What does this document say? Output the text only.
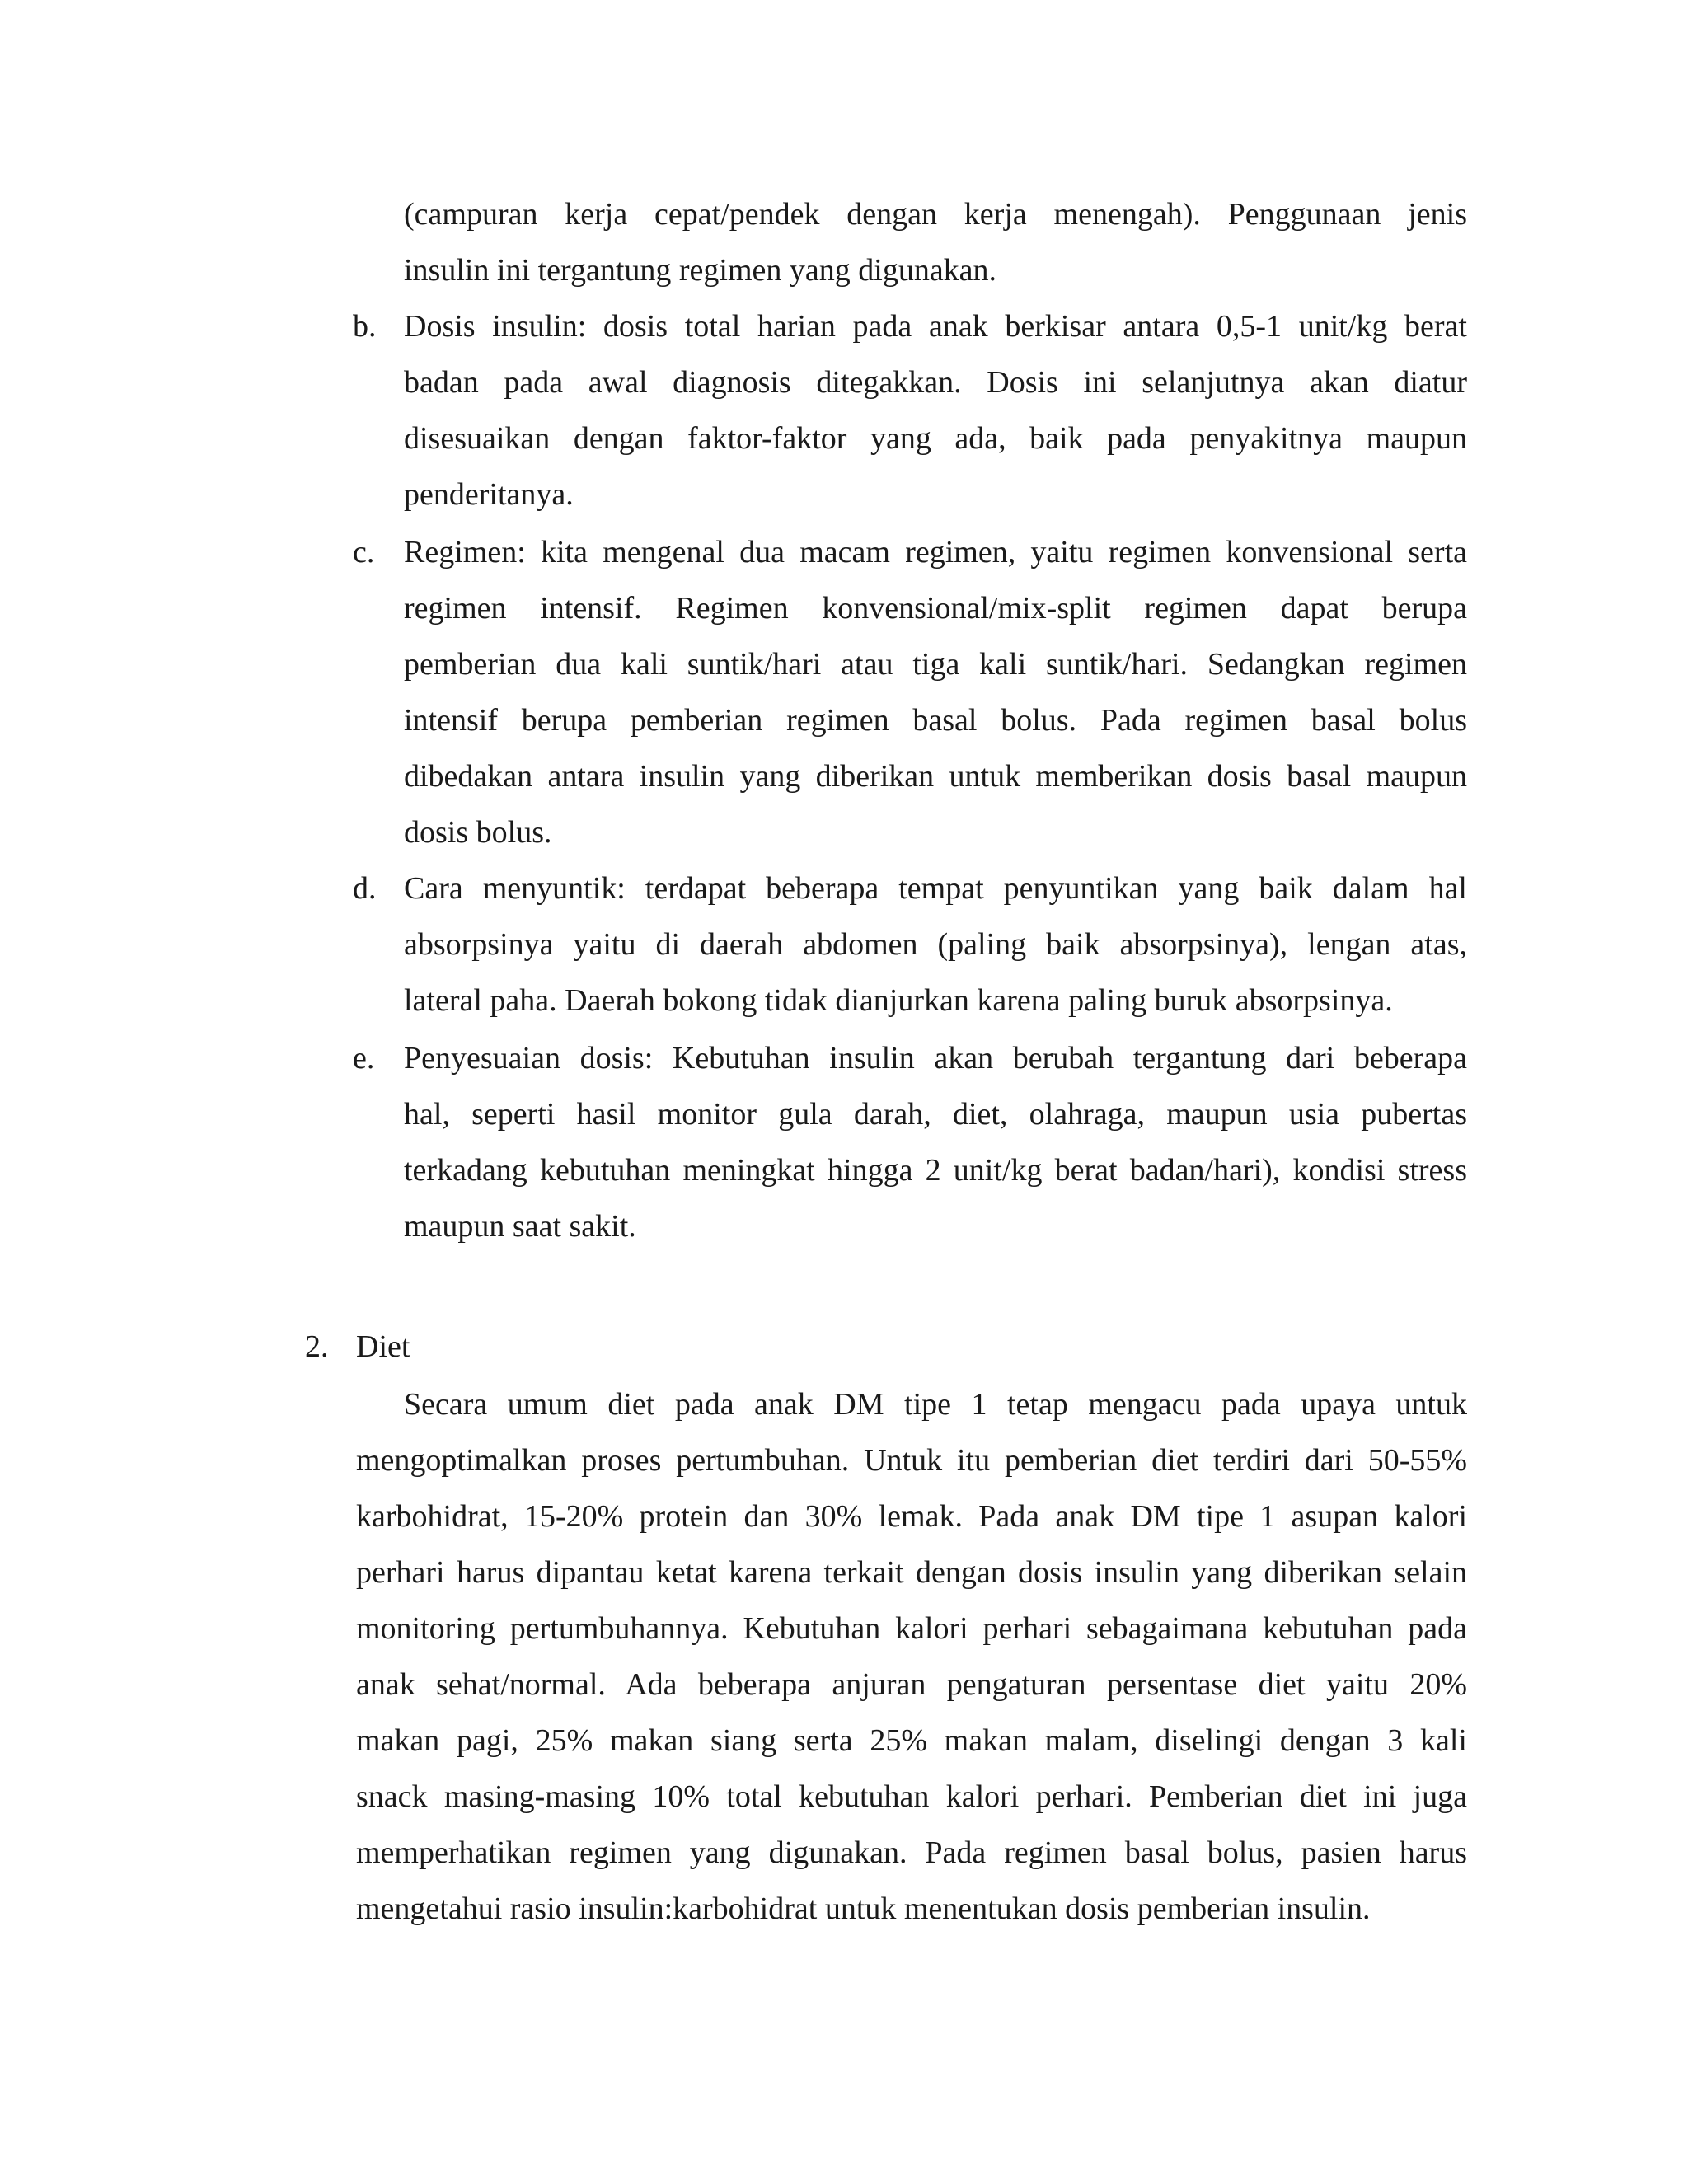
(campuran kerja cepat/pendek dengan kerja menengah). Penggunaan jenis
insulin ini tergantung regimen yang digunakan.
b. Dosis insulin: dosis total harian pada anak berkisar antara 0,5-1 unit/kg berat
badan pada awal diagnosis ditegakkan. Dosis ini selanjutnya akan diatur
disesuaikan dengan faktor-faktor yang ada, baik pada penyakitnya maupun
penderitanya.
c. Regimen: kita mengenal dua macam regimen, yaitu regimen konvensional serta
regimen intensif. Regimen konvensional/mix-split regimen dapat berupa
pemberian dua kali suntik/hari atau tiga kali suntik/hari. Sedangkan regimen
intensif berupa pemberian regimen basal bolus. Pada regimen basal bolus
dibedakan antara insulin yang diberikan untuk memberikan dosis basal maupun
dosis bolus.
d. Cara menyuntik: terdapat beberapa tempat penyuntikan yang baik dalam hal
absorpsinya yaitu di daerah abdomen (paling baik absorpsinya), lengan atas,
lateral paha. Daerah bokong tidak dianjurkan karena paling buruk absorpsinya.
e. Penyesuaian dosis: Kebutuhan insulin akan berubah tergantung dari beberapa
hal, seperti hasil monitor gula darah, diet, olahraga, maupun usia pubertas
terkadang kebutuhan meningkat hingga 2 unit/kg berat badan/hari), kondisi stress
maupun saat sakit.
2. Diet
Secara umum diet pada anak DM tipe 1 tetap mengacu pada upaya untuk
mengoptimalkan proses pertumbuhan. Untuk itu pemberian diet terdiri dari 50-55%
karbohidrat, 15-20% protein dan 30% lemak. Pada anak DM tipe 1 asupan kalori
perhari harus dipantau ketat karena terkait dengan dosis insulin yang diberikan selain
monitoring pertumbuhannya. Kebutuhan kalori perhari sebagaimana kebutuhan pada
anak sehat/normal. Ada beberapa anjuran pengaturan persentase diet yaitu 20%
makan pagi, 25% makan siang serta 25% makan malam, diselingi dengan 3 kali
snack masing-masing 10% total kebutuhan kalori perhari. Pemberian diet ini juga
memperhatikan regimen yang digunakan. Pada regimen basal bolus, pasien harus
mengetahui rasio insulin:karbohidrat untuk menentukan dosis pemberian insulin.
